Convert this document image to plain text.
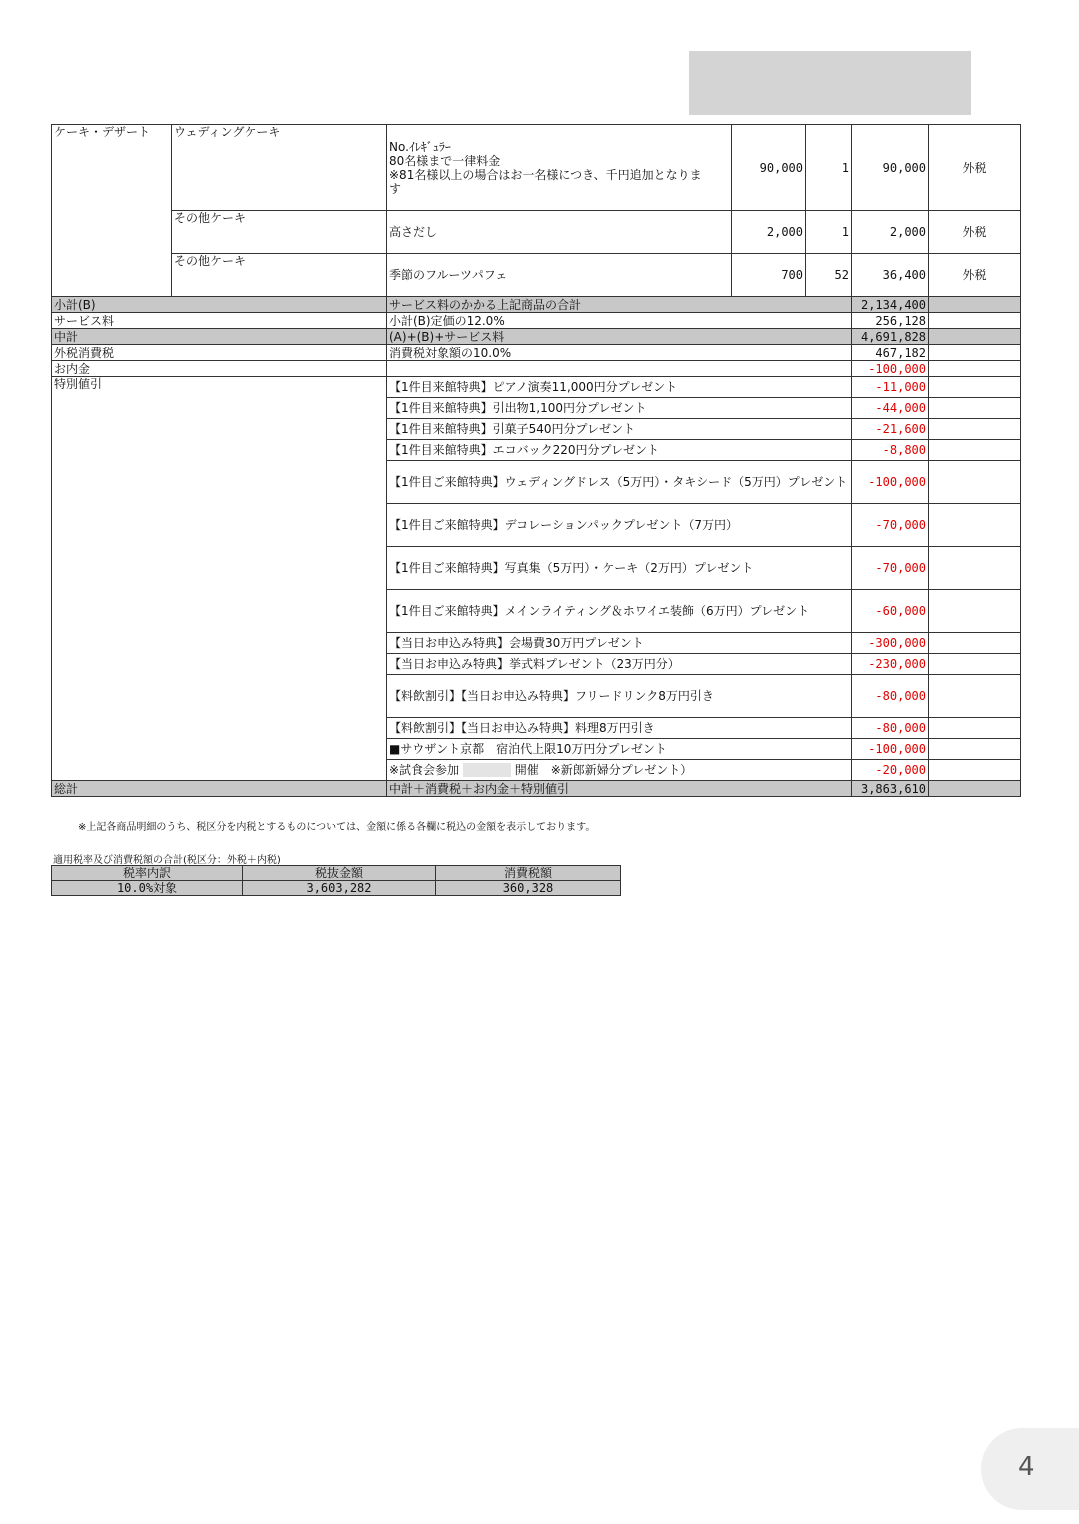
ケーキ・デザート	ウェディングケーキ	No.ｲﾚｷﾞｭﾗｰ
80名様まで一律料金
※81名様以上の場合はお一名様につき、千円追加となりま
す	90,000	1	90,000	外税
	その他ケーキ	高さだし	2,000	1	2,000	外税
	その他ケーキ	季節のフルーツパフェ	700	52	36,400	外税
小計(B)		サービス料のかかる上記商品の合計			2,134,400	
サービス料		小計(B)定価の12.0%			256,128	
中計		(A)+(B)+サービス料			4,691,828	
外税消費税		消費税対象額の10.0%			467,182	
お内金					-100,000	
特別値引		【1件目来館特典】ピアノ演奏11,000円分プレゼント			-11,000	
		【1件目来館特典】引出物1,100円分プレゼント			-44,000	
		【1件目来館特典】引菓子540円分プレゼント			-21,600	
		【1件目来館特典】エコバック220円分プレゼント			-8,800	
		【1件目ご来館特典】ウェディングドレス（5万円）・タキシード（5万円）プレゼント			-100,000	
		【1件目ご来館特典】デコレーションパックプレゼント（7万円）			-70,000	
		【1件目ご来館特典】写真集（5万円）・ケーキ（2万円）プレゼント			-70,000	
		【1件目ご来館特典】メインライティング＆ホワイエ装飾（6万円）プレゼント			-60,000	
		【当日お申込み特典】会場費30万円プレゼント			-300,000	
		【当日お申込み特典】挙式料プレゼント（23万円分）			-230,000	
		【料飲割引】【当日お申込み特典】フリードリンク8万円引き			-80,000	
		【料飲割引】【当日お申込み特典】料理8万円引き			-80,000	
		■サウザント京都　宿泊代上限10万円分プレゼント			-100,000	
		※試食会参加 開催　※新郎新婦分プレゼント）			-20,000	
総計		中計＋消費税＋お内金＋特別値引			3,863,610	
※上記各商品明細のうち、税区分を内税とするものについては、金額に係る各欄に税込の金額を表示しております。
適用税率及び消費税額の合計(税区分：外税＋内税)
税率内訳	税抜金額	消費税額
10.0%対象	3,603,282	360,328
4
